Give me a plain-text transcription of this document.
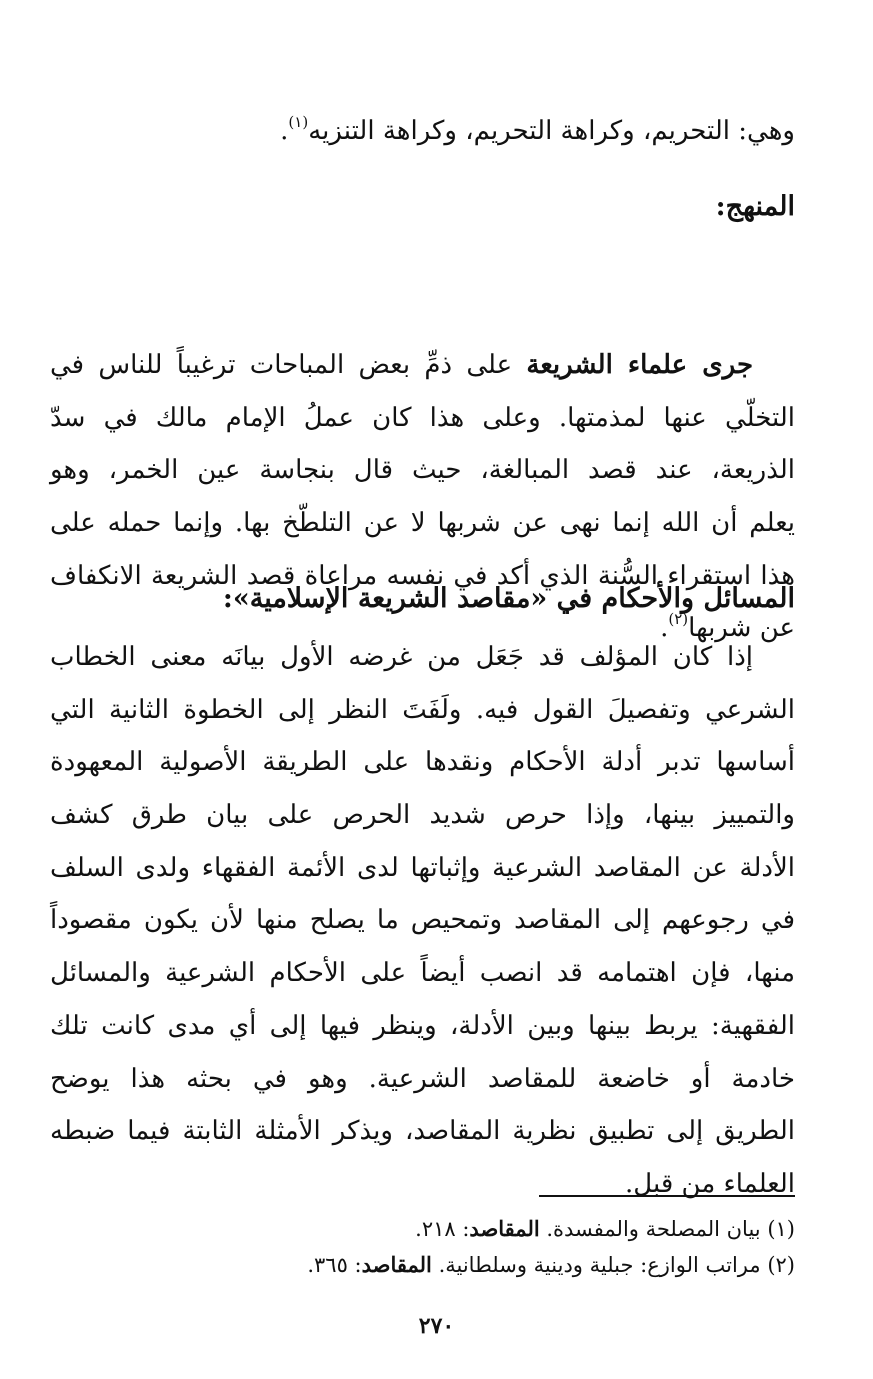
وهي: التحريم، وكراهة التحريم، وكراهة التنزيه$^{(١)}$.
المنهج:
جرى علماء الشريعة على ذمِّ بعض المباحات ترغيباً للناس في
التخلّي عنها لمذمتها. وعلى هذا كان عملُ الإمام مالك في سدّ
الذريعة، عند قصد المبالغة، حيث قال بنجاسة عين الخمر، وهو
يعلم أن الله إنما نهى عن شربها لا عن التلطّخ بها. وإنما حمله على
هذا استقراء السُّنة الذي أكد في نفسه مراعاة قصد الشريعة الانكفاف
عن شربها$^{(٢)}$.
المسائل والأحكام في «مقاصد الشريعة الإسلامية»:
إذا كان المؤلف قد جَعَل من غرضه الأول بيانَه معنى الخطاب
الشرعي وتفصيلَ القول فيه. ولَفَتَ النظر إلى الخطوة الثانية التي
أساسها تدبر أدلة الأحكام ونقدها على الطريقة الأصولية المعهودة
والتمييز بينها، وإذا حرص شديد الحرص على بيان طرق كشف
الأدلة عن المقاصد الشرعية وإثباتها لدى الأئمة الفقهاء ولدى السلف
في رجوعهم إلى المقاصد وتمحيص ما يصلح منها لأن يكون مقصوداً
منها، فإن اهتمامه قد انصب أيضاً على الأحكام الشرعية والمسائل
الفقهية: يربط بينها وبين الأدلة، وينظر فيها إلى أي مدى كانت تلك
خادمة أو خاضعة للمقاصد الشرعية. وهو في بحثه هذا يوضح
الطريق إلى تطبيق نظرية المقاصد، ويذكر الأمثلة الثابتة فيما ضبطه
العلماء من قبل.
(١) بيان المصلحة والمفسدة. المقاصد: ٢١٨.
(٢) مراتب الوازع: جبلية ودينية وسلطانية. المقاصد: ٣٦٥.
٢٧٠
